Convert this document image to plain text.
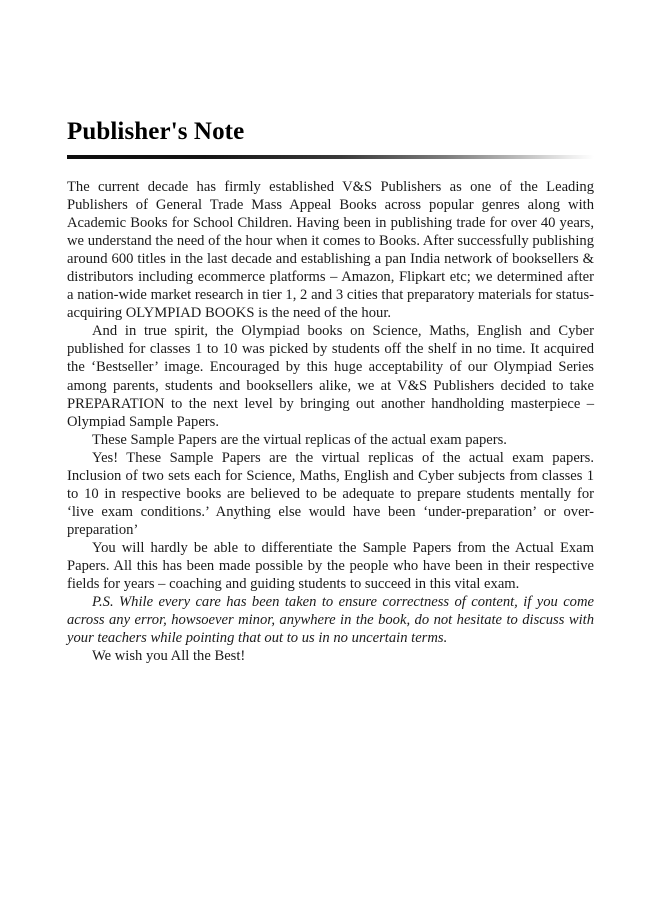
Publisher's Note

The current decade has firmly established V&S Publishers as one of the Leading Publishers of General Trade Mass Appeal Books across popular genres along with Academic Books for School Children. Having been in publishing trade for over 40 years, we understand the need of the hour when it comes to Books. After successfully publishing around 600 titles in the last decade and establishing a pan India network of booksellers & distributors including ecommerce platforms – Amazon, Flipkart etc; we determined after a nation-wide market research in tier 1, 2 and 3 cities that preparatory materials for status-acquiring OLYMPIAD BOOKS is the need of the hour.

And in true spirit, the Olympiad books on Science, Maths, English and Cyber published for classes 1 to 10 was picked by students off the shelf in no time. It acquired the ‘Bestseller’ image. Encouraged by this huge acceptability of our Olympiad Series among parents, students and booksellers alike, we at V&S Publishers decided to take PREPARATION to the next level by bringing out another handholding masterpiece – Olympiad Sample Papers.

These Sample Papers are the virtual replicas of the actual exam papers.

Yes! These Sample Papers are the virtual replicas of the actual exam papers. Inclusion of two sets each for Science, Maths, English and Cyber subjects from classes 1 to 10 in respective books are believed to be adequate to prepare students mentally for ‘live exam conditions.’ Anything else would have been ‘under-preparation’ or over-preparation’

You will hardly be able to differentiate the Sample Papers from the Actual Exam Papers. All this has been made possible by the people who have been in their respective fields for years – coaching and guiding students to succeed in this vital exam.

P.S. While every care has been taken to ensure correctness of content, if you come across any error, howsoever minor, anywhere in the book, do not hesitate to discuss with your teachers while pointing that out to us in no uncertain terms.

We wish you All the Best!
